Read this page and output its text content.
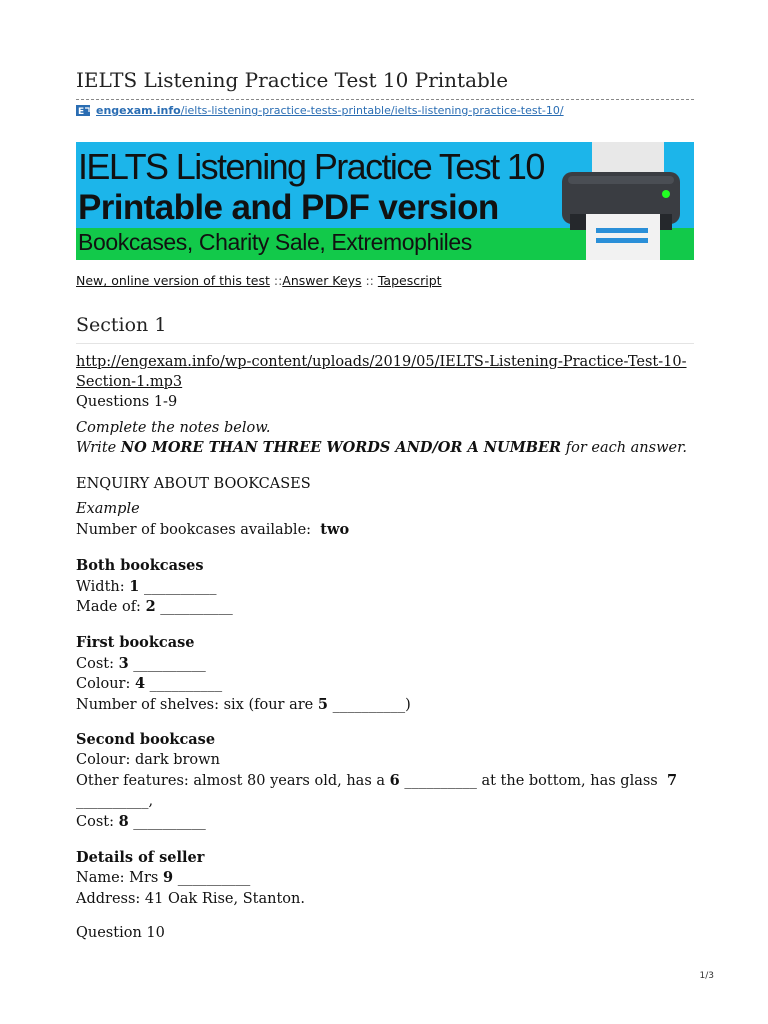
IELTS Listening Practice Test 10 Printable
E engexam.info /ielts-listening-practice-tests-printable/ielts-listening-practice-test-10/
IELTS Listening Practice Test 10
Printable and PDF version
Bookcases, Charity Sale, Extremophiles
New, online version of this test ::Answer Keys :: Tapescript
Section 1
http://engexam.info/wp-content/uploads/2019/05/IELTS-Listening-Practice-Test-10-
Section-1.mp3
Questions 1-9
Complete the notes below.
Write NO MORE THAN THREE WORDS AND/OR A NUMBER for each answer.
ENQUIRY ABOUT BOOKCASES
Example
Number of bookcases available: two
Both bookcases
Width: 1 __________
Made of: 2 __________
First bookcase
Cost: 3 __________
Colour: 4 __________
Number of shelves: six (four are 5 __________)
Second bookcase
Colour: dark brown
Other features: almost 80 years old, has a 6 __________ at the bottom, has glass 7
__________,
Cost: 8 __________
Details of seller
Name: Mrs 9 __________
Address: 41 Oak Rise, Stanton.
Question 10
1/3
